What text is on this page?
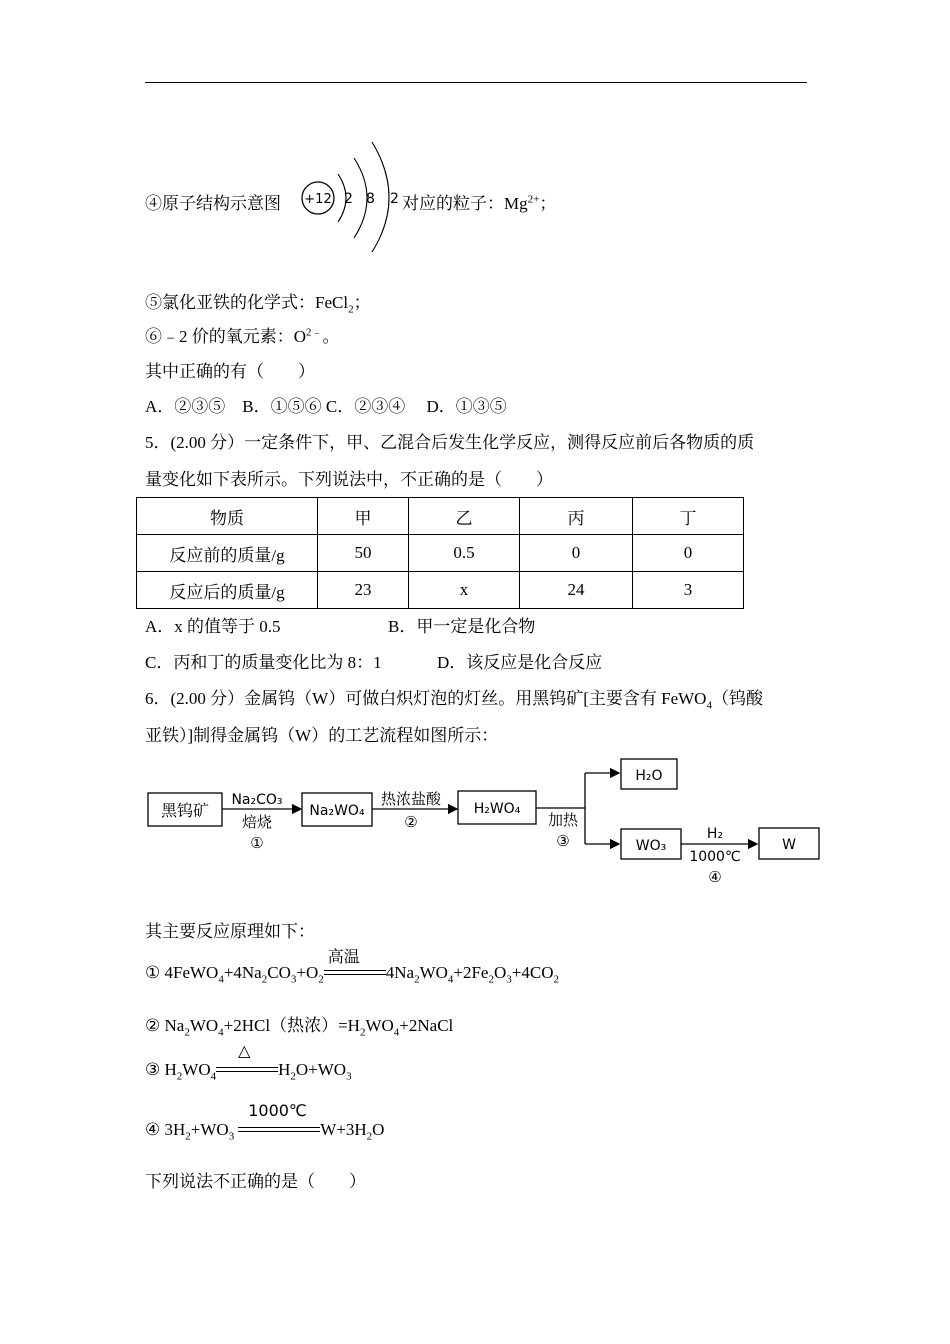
④原子结构示意图 +12 2 8 2 对应的粒子：$Mg^{2+}$；
⑤氯化亚铁的化学式：FeCl$_2$；
⑥﹣2 价的氧元素：$O^{2﹣}$。
其中正确的有（　　）
A．②③⑤　B．①⑤⑥ C．②③④　 D．①③⑤
5．(2.00 分）一定条件下，甲、乙混合后发生化学反应，测得反应前后各物质的质
量变化如下表所示。下列说法中，不正确的是（　　）
物质	甲	乙	丙	丁
反应前的质量/g	50	0.5	0	0
反应后的质量/g	23	x	24	3
A．x 的值等于 0.5	B．甲一定是化合物
C．丙和丁的质量变化比为 8：1	D．该反应是化合反应
6．(2.00 分）金属钨（W）可做白炽灯泡的灯丝。用黑钨矿[主要含有 FeWO$_4$（钨酸
亚铁）]制得金属钨（W）的工艺流程如图所示：
黑钨矿
Na₂CO₃
焙烧
①
Na₂WO₄
热浓盐酸
②
H₂WO₄
加热
③
H₂O
WO₃
H₂
1000℃
④
W
其主要反应原理如下：
① $4FeWO_4+4Na_2CO_3+O_2$
高温
$4Na_2WO_4+2Fe_2O_3+4CO_2$
② $Na_2WO_4+2HCl$（热浓）$=H_2WO_4+2NaCl$
③ $H_2WO_4$
△
$H_2O+WO_3$
④ $3H_2+WO_3$
1000℃
$W+3H_2O$
下列说法不正确的是（　　）
